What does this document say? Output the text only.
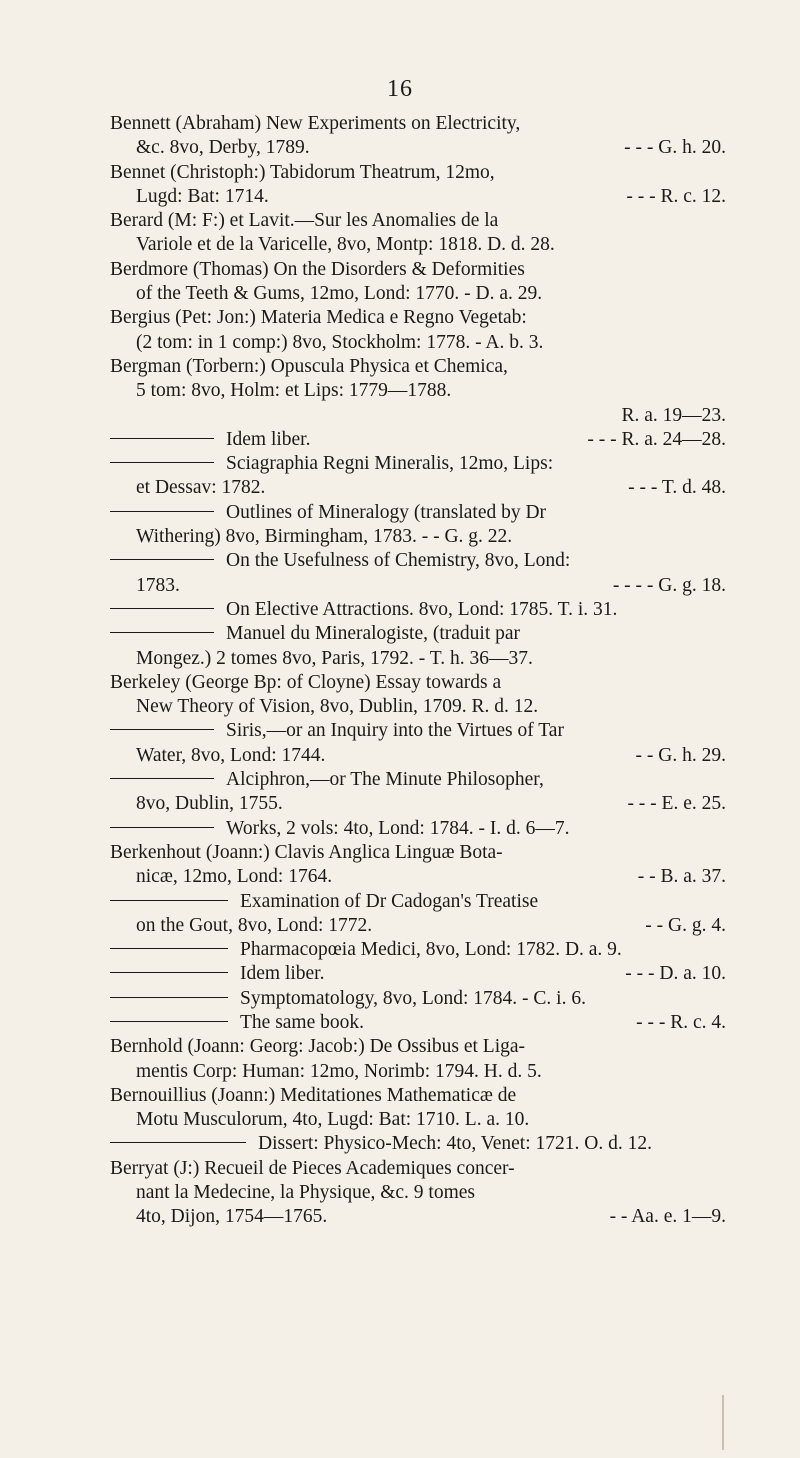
16
Bennett (Abraham) New Experiments on Electricity,
&c. 8vo, Derby, 1789.	- - - G. h. 20.
Bennet (Christoph:) Tabidorum Theatrum, 12mo,
Lugd: Bat: 1714.	- - - R. c. 12.
Berard (M: F:) et Lavit.—Sur les Anomalies de la
Variole et de la Varicelle, 8vo, Montp: 1818. D. d. 28.
Berdmore (Thomas) On the Disorders & Deformities
of the Teeth & Gums, 12mo, Lond: 1770. - D. a. 29.
Bergius (Pet: Jon:) Materia Medica e Regno Vegetab:
(2 tom: in 1 comp:) 8vo, Stockholm: 1778. - A. b. 3.
Bergman (Torbern:) Opuscula Physica et Chemica,
5 tom: 8vo, Holm: et Lips: 1779—1788.
R. a. 19—23.
Idem liber.	- - - R. a. 24—28.
Sciagraphia Regni Mineralis, 12mo, Lips:
et Dessav: 1782.	- - - T. d. 48.
Outlines of Mineralogy (translated by Dr
Withering) 8vo, Birmingham, 1783. - - G. g. 22.
On the Usefulness of Chemistry, 8vo, Lond:
1783.	- - - - G. g. 18.
On Elective Attractions. 8vo, Lond: 1785. T. i. 31.
Manuel du Mineralogiste, (traduit par
Mongez.) 2 tomes 8vo, Paris, 1792. - T. h. 36—37.
Berkeley (George Bp: of Cloyne) Essay towards a
New Theory of Vision, 8vo, Dublin, 1709. R. d. 12.
Siris,—or an Inquiry into the Virtues of Tar
Water, 8vo, Lond: 1744.	- - G. h. 29.
Alciphron,—or The Minute Philosopher,
8vo, Dublin, 1755.	- - - E. e. 25.
Works, 2 vols: 4to, Lond: 1784. - I. d. 6—7.
Berkenhout (Joann:) Clavis Anglica Linguæ Bota-
nicæ, 12mo, Lond: 1764.	- - B. a. 37.
Examination of Dr Cadogan's Treatise
on the Gout, 8vo, Lond: 1772.	- - G. g. 4.
Pharmacopœia Medici, 8vo, Lond: 1782. D. a. 9.
Idem liber.	- - - D. a. 10.
Symptomatology, 8vo, Lond: 1784. - C. i. 6.
The same book.	- - - R. c. 4.
Bernhold (Joann: Georg: Jacob:) De Ossibus et Liga-
mentis Corp: Human: 12mo, Norimb: 1794. H. d. 5.
Bernouillius (Joann:) Meditationes Mathematicæ de
Motu Musculorum, 4to, Lugd: Bat: 1710. L. a. 10.
Dissert: Physico-Mech: 4to, Venet: 1721. O. d. 12.
Berryat (J:) Recueil de Pieces Academiques concer-
nant la Medecine, la Physique, &c. 9 tomes
4to, Dijon, 1754—1765.	- - Aa. e. 1—9.
